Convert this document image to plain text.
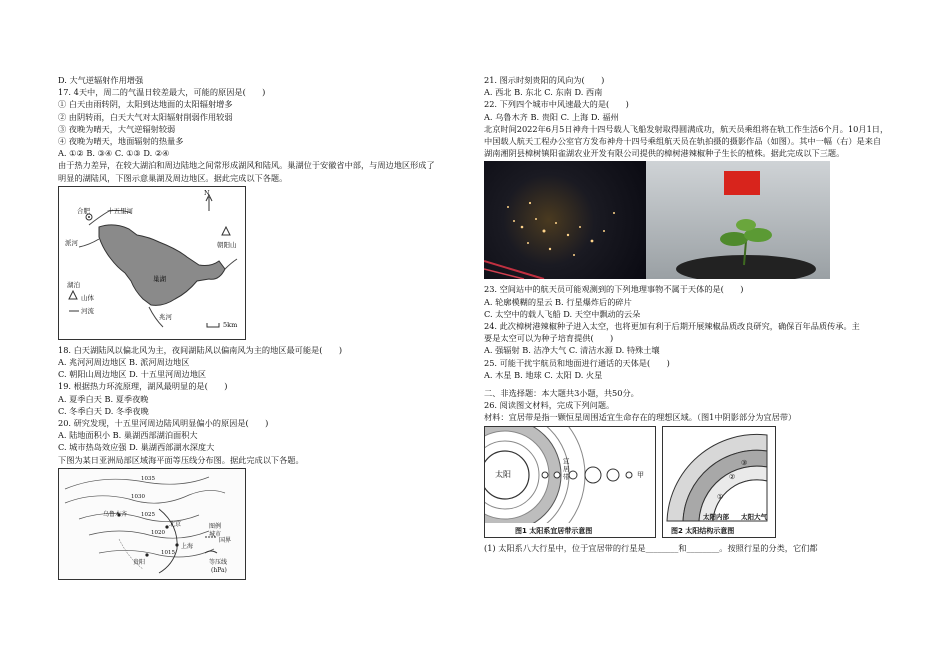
D. 大气逆辐射作用增强
17. 4天中，周二的气温日较差最大，可能的原因是(　　)
① 白天由雨转阴，太阳到达地面的太阳辐射增多
② 由阴转雨，白天大气对太阳辐射削弱作用较弱
③ 夜晚为晴天，大气逆辐射较弱
④ 夜晚为晴天，地面辐射的热量多
A. ①② B. ③④ C. ①③ D. ②④
由于热力差异，在较大湖泊和周边陆地之间常形成湖风和陆风。巢湖位于安徽省中部，与周边地区形成了
明显的湖陆风，下图示意巢湖及周边地区。据此完成以下各题。
合肥	十五里河
派河	朝阳山
巢湖
湖泊
山体
河流
兆河
5km
N
18. 白天湖陆风以偏北风为主，夜间湖陆风以偏南风为主的地区最可能是(　　)
A. 兆河河周边地区 B. 派河周边地区
C. 朝阳山周边地区 D. 十五里河周边地区
19. 根据热力环流原理，湖风最明显的是(　　)
A. 夏季白天 B. 夏季夜晚
C. 冬季白天 D. 冬季夜晚
20. 研究发现，十五里河周边陆风明显偏小的原因是(　　)
A. 陆地面积小 B. 巢湖西部湖泊面积大
C. 城市热岛效应强 D. 巢湖西部湖水深度大
下图为某日亚洲局部区域海平面等压线分布图。据此完成以下各题。
乌鲁木齐
北京
贵阳
上海
图例
城市
国界
等压线
(hPa)
1035
1030
1025
1020
1015
21. 图示时刻贵阳的风向为(　　)
A. 西北 B. 东北 C. 东南 D. 西南
22. 下列四个城市中风速最大的是(　　)
A. 乌鲁木齐 B. 贵阳 C. 上海 D. 福州
北京时间2022年6月5日神舟十四号载人飞船发射取得圆满成功，航天员乘组将在轨工作生活6个月。10月1日，中国载人航天工程办公室官方发布神舟十四号乘组航天员在轨拍摄的摄影作品（如图）。其中一幅（右）是来自湖南湘阴县樟树镇阳雀湖农业开发有限公司提供的樟树港辣椒种子生长的植株。据此完成以下三题。
23. 空间站中的航天员可能观测到的下列地理事物不属于天体的是(　　)
A. 轮廓模糊的星云 B. 行星爆炸后的碎片
C. 太空中的载人飞船 D. 天空中飘动的云朵
24. 此次樟树港辣椒种子进入太空，也将更加有利于后期开展辣椒品质改良研究，确保百年品质传承。主
要是太空可以为种子培育提供(　　)
A. 强辐射 B. 洁净大气 C. 清洁水源 D. 特殊土壤
25. 可能干扰宇航员和地面进行通话的天体是(　　)
A. 木星 B. 地球 C. 太阳 D. 火星
二、非选择题：本大题共3小题，共50分。
26. 阅读图文材料，完成下列问题。
材料：宜居带是指一颗恒星周围适宜生命存在的理想区域。（图1中阴影部分为宜居带）
太阳
宜居带	甲
图1 太阳系宜居带示意图
①
②
③
太阳内部 太阳大气
图2 太阳结构示意图
(1) 太阳系八大行星中，位于宜居带的行星是________和________。按照行星的分类，它们都
